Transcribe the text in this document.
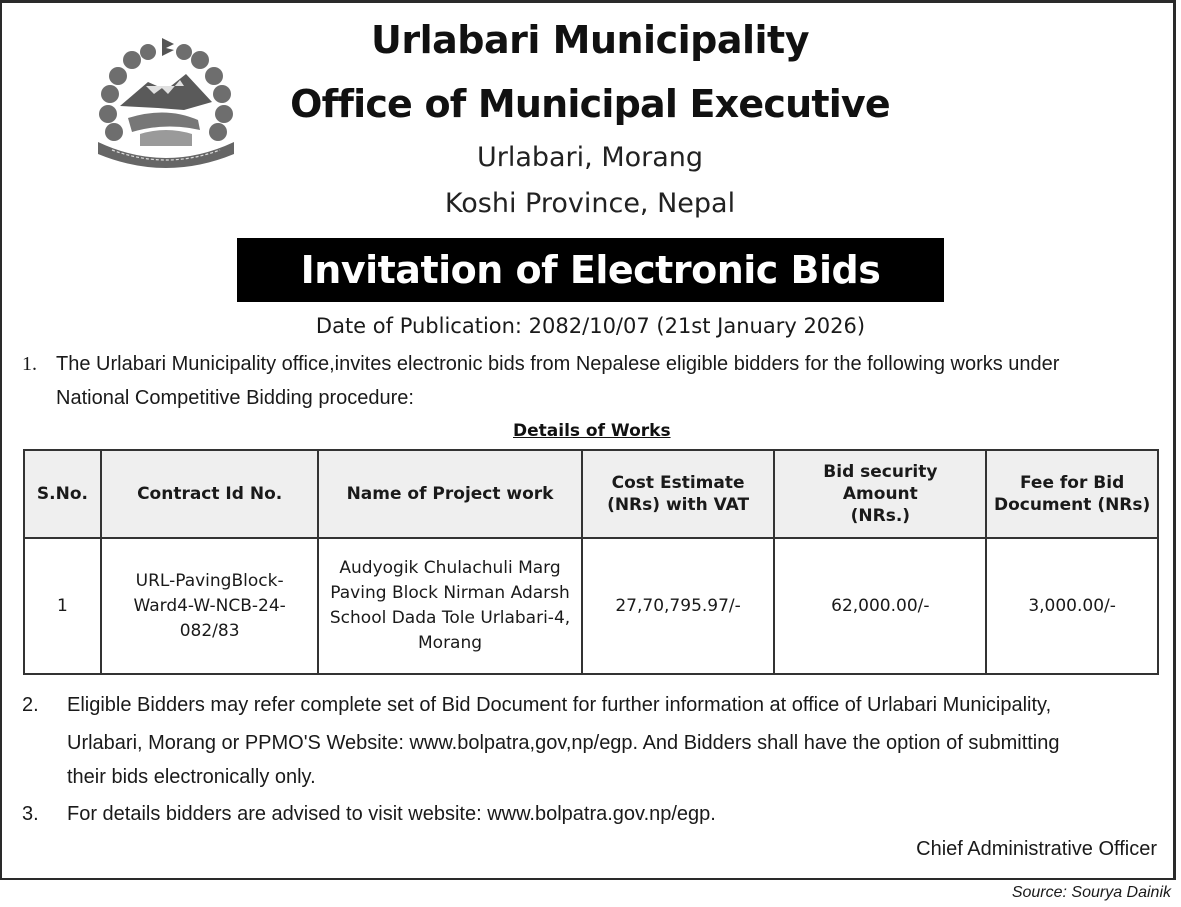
Urlabari Municipality
Office of Municipal Executive
Urlabari, Morang
Koshi Province, Nepal
Invitation of Electronic Bids
Date of Publication: 2082/10/07 (21st January 2026)
1. The Urlabari Municipality office,invites electronic bids from Nepalese eligible bidders for the following works under
National Competitive Bidding procedure:
Details of Works
S.No.	Contract Id No.	Name of Project work	Cost Estimate (NRs) with VAT	Bid security Amount (NRs.)	Fee for Bid Document (NRs)
1	URL-PavingBlock-Ward4-W-NCB-24-082/83	Audyogik Chulachuli Marg Paving Block Nirman Adarsh School Dada Tole Urlabari-4, Morang	27,70,795.97/-	62,000.00/-	3,000.00/-
2. Eligible Bidders may refer complete set of Bid Document for further information at office of Urlabari Municipality,
Urlabari, Morang or PPMO'S Website: www.bolpatra,gov,np/egp. And Bidders shall have the option of submitting
their bids electronically only.
3. For details bidders are advised to visit website: www.bolpatra.gov.np/egp.
Chief Administrative Officer
Source: Sourya Dainik
